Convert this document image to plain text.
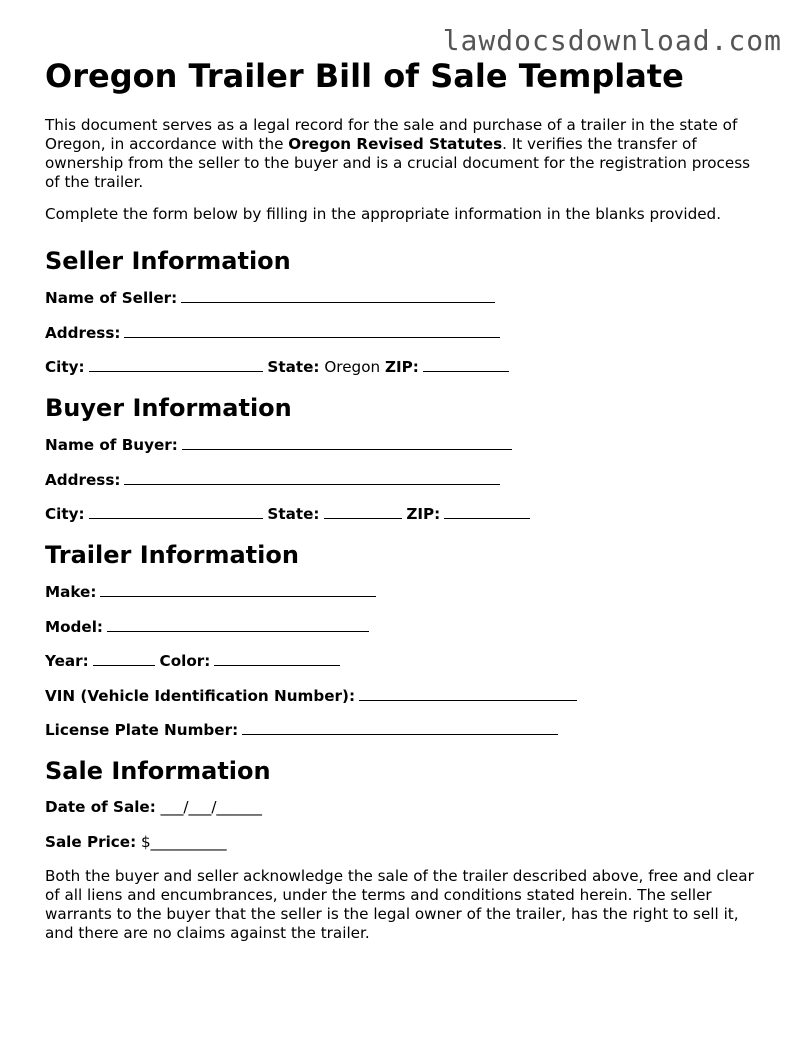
lawdocsdownload.com
Oregon Trailer Bill of Sale Template

This document serves as a legal record for the sale and purchase of a trailer in the state of Oregon, in accordance with the Oregon Revised Statutes. It verifies the transfer of ownership from the seller to the buyer and is a crucial document for the registration process of the trailer.

Complete the form below by filling in the appropriate information in the blanks provided.

Seller Information
Name of Seller:
Address:
City:	State: Oregon ZIP:
Buyer Information
Name of Buyer:
Address:
City:	State:	ZIP:
Trailer Information
Make:
Model:
Year:	Color:
VIN (Vehicle Identification Number):
License Plate Number:
Sale Information
Date of Sale: ___/___/______
Sale Price: $__________

Both the buyer and seller acknowledge the sale of the trailer described above, free and clear of all liens and encumbrances, under the terms and conditions stated herein. The seller warrants to the buyer that the seller is the legal owner of the trailer, has the right to sell it, and there are no claims against the trailer.
